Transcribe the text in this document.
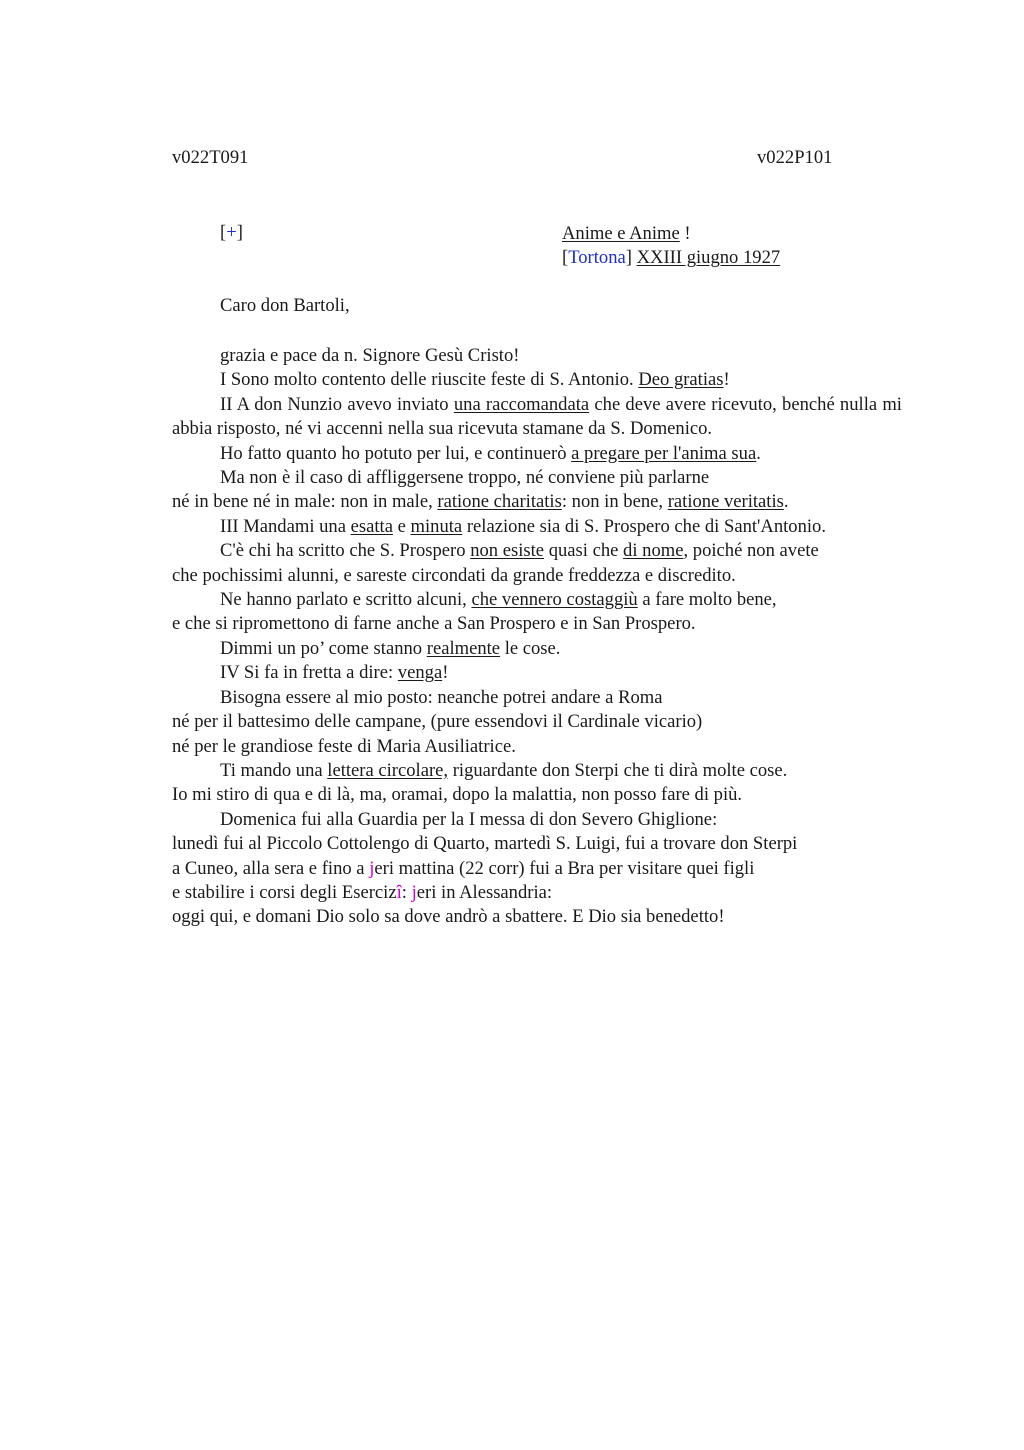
v022T091	v022P101
[+]	Anime e Anime !
[Tortona] XXIII giugno 1927
Caro don Bartoli,

grazia e pace da n. Signore Gesù Cristo!

I Sono molto contento delle riuscite feste di S. Antonio. Deo gratias!

II A don Nunzio avevo inviato una raccomandata che deve avere ricevuto, benché nulla mi abbia risposto, né vi accenni nella sua ricevuta stamane da S. Domenico.

Ho fatto quanto ho potuto per lui, e continuerò a pregare per l'anima sua.

Ma non è il caso di affliggersene troppo, né conviene più parlarne

né in bene né in male: non in male, ratione charitatis: non in bene, ratione veritatis.

III Mandami una esatta e minuta relazione sia di S. Prospero che di Sant'Antonio.

C'è chi ha scritto che S. Prospero non esiste quasi che di nome, poiché non avete

che pochissimi alunni, e sareste circondati da grande freddezza e discredito.

Ne hanno parlato e scritto alcuni, che vennero costaggiù a fare molto bene,

e che si ripromettono di farne anche a San Prospero e in San Prospero.

Dimmi un po’ come stanno realmente le cose.

IV Si fa in fretta a dire: venga!

Bisogna essere al mio posto: neanche potrei andare a Roma

né per il battesimo delle campane, (pure essendovi il Cardinale vicario)

né per le grandiose feste di Maria Ausiliatrice.

Ti mando una lettera circolare, riguardante don Sterpi che ti dirà molte cose.

Io mi stiro di qua e di là, ma, oramai, dopo la malattia, non posso fare di più.

Domenica fui alla Guardia per la I messa di don Severo Ghiglione:

lunedì fui al Piccolo Cottolengo di Quarto, martedì S. Luigi, fui a trovare don Sterpi

a Cuneo, alla sera e fino a jeri mattina (22 corr) fui a Bra per visitare quei figli

e stabilire i corsi degli Esercizî: jeri in Alessandria:

oggi qui, e domani Dio solo sa dove andrò a sbattere. E Dio sia benedetto!
